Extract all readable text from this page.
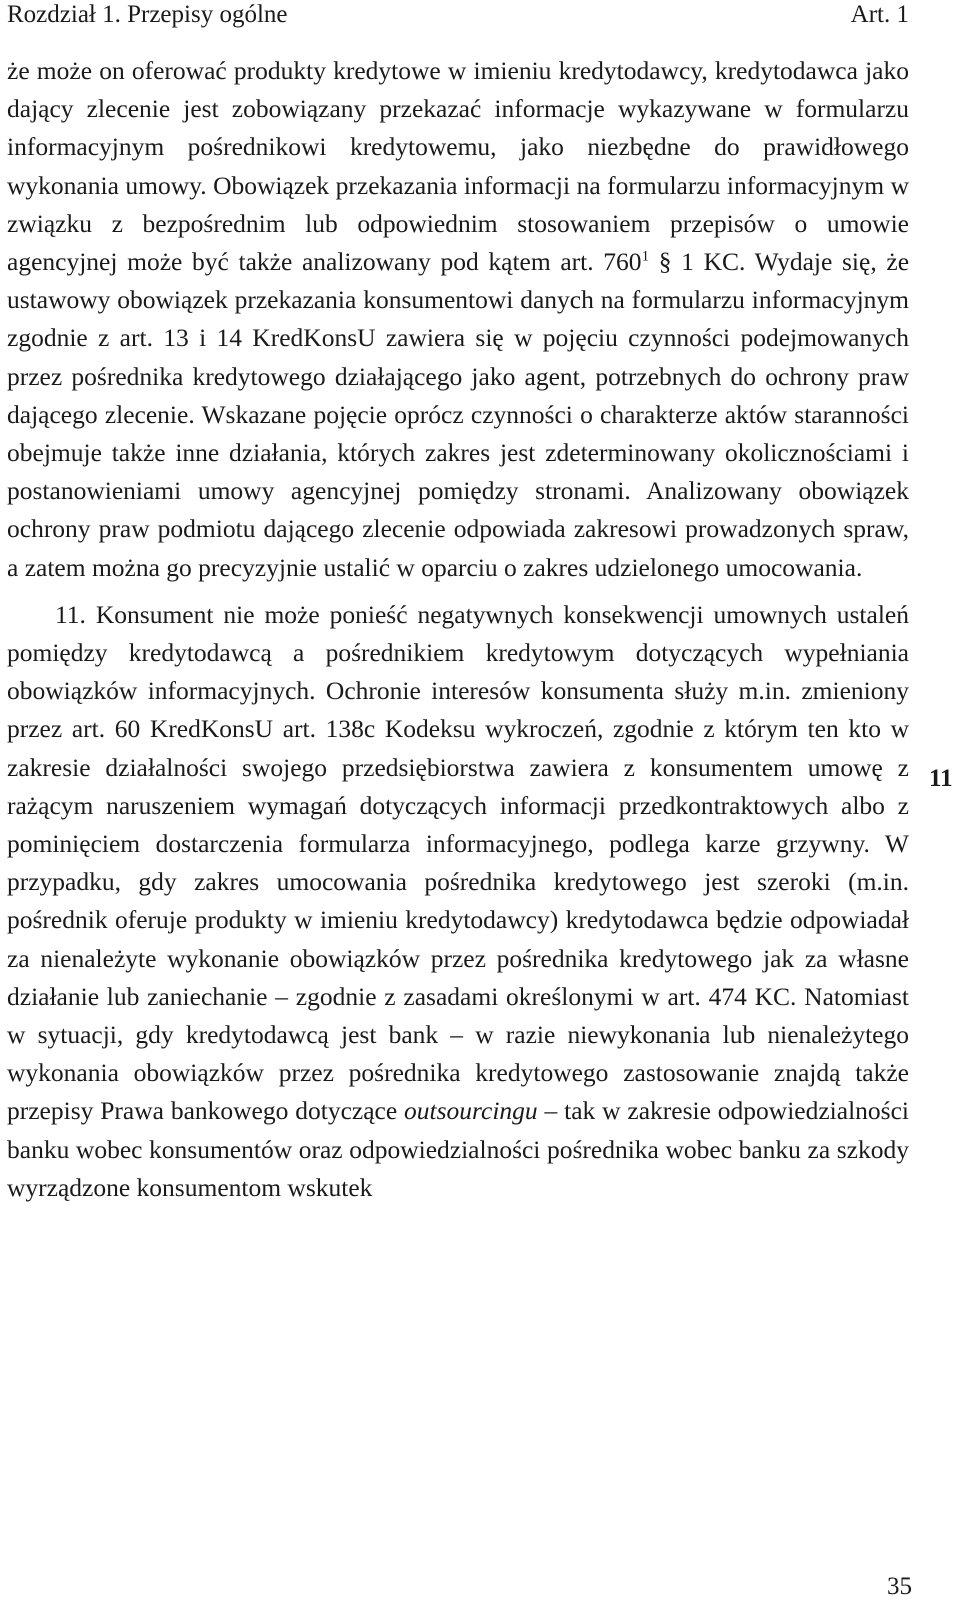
Rozdział 1. Przepisy ogólne	Art. 1

że może on oferować produkty kredytowe w imieniu kredytodawcy, kredytodawca jako dający zlecenie jest zobowiązany przekazać informacje wykazywane w formularzu informacyjnym pośrednikowi kredytowemu, jako niezbędne do prawidłowego wykonania umowy. Obowiązek przekazania informacji na formularzu informacyjnym w związku z bezpośrednim lub odpowiednim stosowaniem przepisów o umowie agencyjnej może być także analizowany pod kątem art. $760^1$ § 1 KC. Wydaje się, że ustawowy obowiązek przekazania konsumentowi danych na formularzu informacyjnym zgodnie z art. 13 i 14 KredKonsU zawiera się w pojęciu czynności podejmowanych przez pośrednika kredytowego działającego jako agent, potrzebnych do ochrony praw dającego zlecenie. Wskazane pojęcie oprócz czynności o charakterze aktów staranności obejmuje także inne działania, których zakres jest zdeterminowany okolicznościami i postanowieniami umowy agencyjnej pomiędzy stronami. Analizowany obowiązek ochrony praw podmiotu dającego zlecenie odpowiada zakresowi prowadzonych spraw, a zatem można go precyzyjnie ustalić w oparciu o zakres udzielonego umocowania.

11. Konsument nie może ponieść negatywnych konsekwencji umownych ustaleń pomiędzy kredytodawcą a pośrednikiem kredytowym dotyczących wypełniania obowiązków informacyjnych. Ochronie interesów konsumenta służy m.in. zmieniony przez art. 60 KredKonsU art. 138c Kodeksu wykroczeń, zgodnie z którym ten kto w zakresie działalności swojego przedsiębiorstwa zawiera z konsumentem umowę z rażącym naruszeniem wymagań dotyczących informacji przedkontraktowych albo z pominięciem dostarczenia formularza informacyjnego, podlega karze grzywny. W przypadku, gdy zakres umocowania pośrednika kredytowego jest szeroki (m.in. pośrednik oferuje produkty w imieniu kredytodawcy) kredytodawca będzie odpowiadał za nienależyte wykonanie obowiązków przez pośrednika kredytowego jak za własne działanie lub zaniechanie – zgodnie z zasadami określonymi w art. 474 KC. Natomiast w sytuacji, gdy kredytodawcą jest bank – w razie niewykonania lub nienależytego wykonania obowiązków przez pośrednika kredytowego zastosowanie znajdą także przepisy Prawa bankowego dotyczące outsourcingu – tak w zakresie odpowiedzialności banku wobec konsumentów oraz odpowiedzialności pośrednika wobec banku za szkody wyrządzone konsumentom wskutek

11
35
